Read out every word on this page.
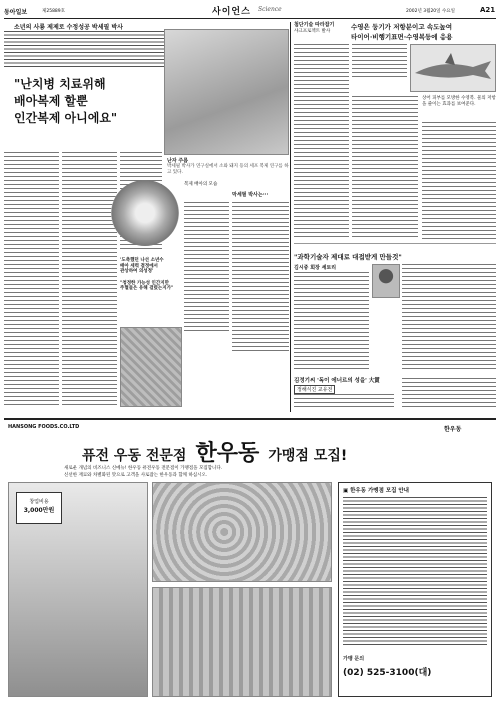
동아일보	제25889호	사이언스 Science	2002년 3월20일 수요일	A21
소년의 사룡 제제로 수정성공 박세필 박사
"난치병 치료위해
배아복제 할뿐
인간복제 아니에요"
난자 주름
박세필 박사가 연구실에서 소와 돼지 등의 세포 복제 연구를 하고 있다.
복제 배아의 모습
막세필 박사는···
'도축했던 나선 소년수
배아 세력 결정에서
관상하여 의성정'
"청정한 가능성 인간지만
주혈들은 유해 걸렸는지가"
첨단기술 따라잡기
샤크프로젝트 발사
수영은 둥기가 저항분이고 속도높여
타이어·비행기표면·수영복등에 응용
상어 피부를 모방한 수영복. 물의 저항을 줄이는 효과를 보여준다.
"과학기술자 제대로 대접받게 만들것"
김시중 회장 세토리
김정기씨 '독이 에너르의 성을' 大賞
정해식진 교유전
HANSONG FOODS.CO.LTD	한우동
퓨전 우동 전문점 한우동 가맹점 모집!
새로운 개념의 비즈니스 신메뉴! 한우동 퓨전우동 전문점이 가맹점을 모집합니다.
신선한 재료와 차별화된 맛으로 고객을 사로잡는 한우동과 함께 하십시오.
창업비용
3,000만원
▣ 한우동 가맹점 모집 안내
가맹 문의
(02) 525-3100(대)
